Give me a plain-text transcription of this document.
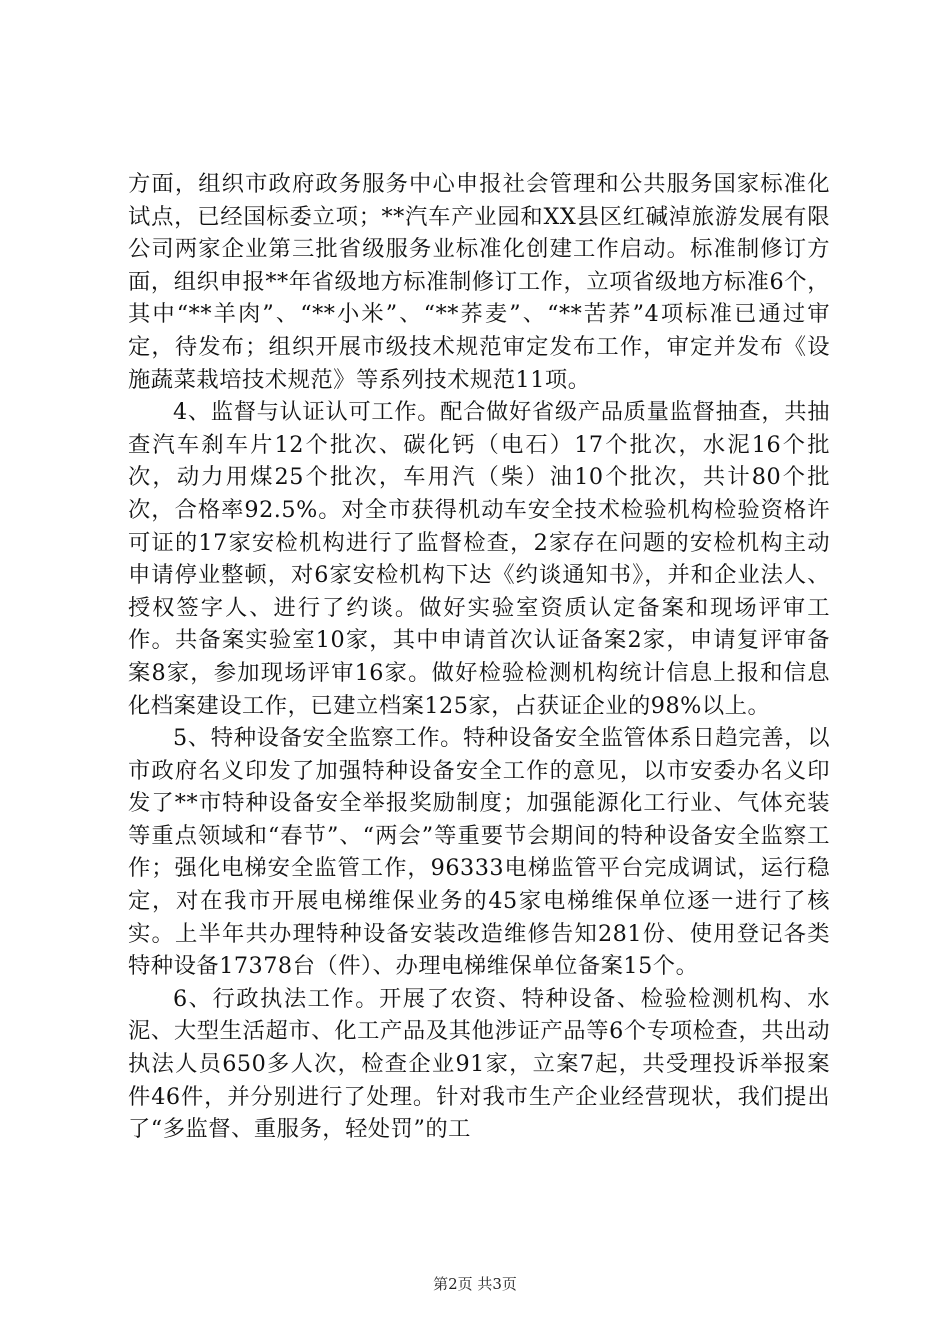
方面，组织市政府政务服务中心申报社会管理和公共服务国家标准化试点，已经国标委立项；**汽车产业园和XX县区红碱淖旅游发展有限公司两家企业第三批省级服务业标准化创建工作启动。标准制修订方面，组织申报**年省级地方标准制修订工作，立项省级地方标准6个，其中“**羊肉”、“**小米”、“**荞麦”、“**苦荞”4项标准已通过审定，待发布；组织开展市级技术规范审定发布工作，审定并发布《设施蔬菜栽培技术规范》等系列技术规范11项。

4、监督与认证认可工作。配合做好省级产品质量监督抽查，共抽查汽车刹车片12个批次、碳化钙（电石）17个批次，水泥16个批次，动力用煤25个批次，车用汽（柴）油10个批次，共计80个批次，合格率92.5%。对全市获得机动车安全技术检验机构检验资格许可证的17家安检机构进行了监督检查，2家存在问题的安检机构主动申请停业整顿，对6家安检机构下达《约谈通知书》，并和企业法人、授权签字人、进行了约谈。做好实验室资质认定备案和现场评审工作。共备案实验室10家，其中申请首次认证备案2家，申请复评审备案8家，参加现场评审16家。做好检验检测机构统计信息上报和信息化档案建设工作，已建立档案125家，占获证企业的98%以上。

5、特种设备安全监察工作。特种设备安全监管体系日趋完善，以市政府名义印发了加强特种设备安全工作的意见，以市安委办名义印发了**市特种设备安全举报奖励制度；加强能源化工行业、气体充装等重点领域和“春节”、“两会”等重要节会期间的特种设备安全监察工作；强化电梯安全监管工作，96333电梯监管平台完成调试，运行稳定，对在我市开展电梯维保业务的45家电梯维保单位逐一进行了核实。上半年共办理特种设备安装改造维修告知281份、使用登记各类特种设备17378台（件）、办理电梯维保单位备案15个。

6、行政执法工作。开展了农资、特种设备、检验检测机构、水泥、大型生活超市、化工产品及其他涉证产品等6个专项检查，共出动执法人员650多人次，检查企业91家，立案7起，共受理投诉举报案件46件，并分别进行了处理。针对我市生产企业经营现状，我们提出了“多监督、重服务，轻处罚”的工

第2页 共3页
